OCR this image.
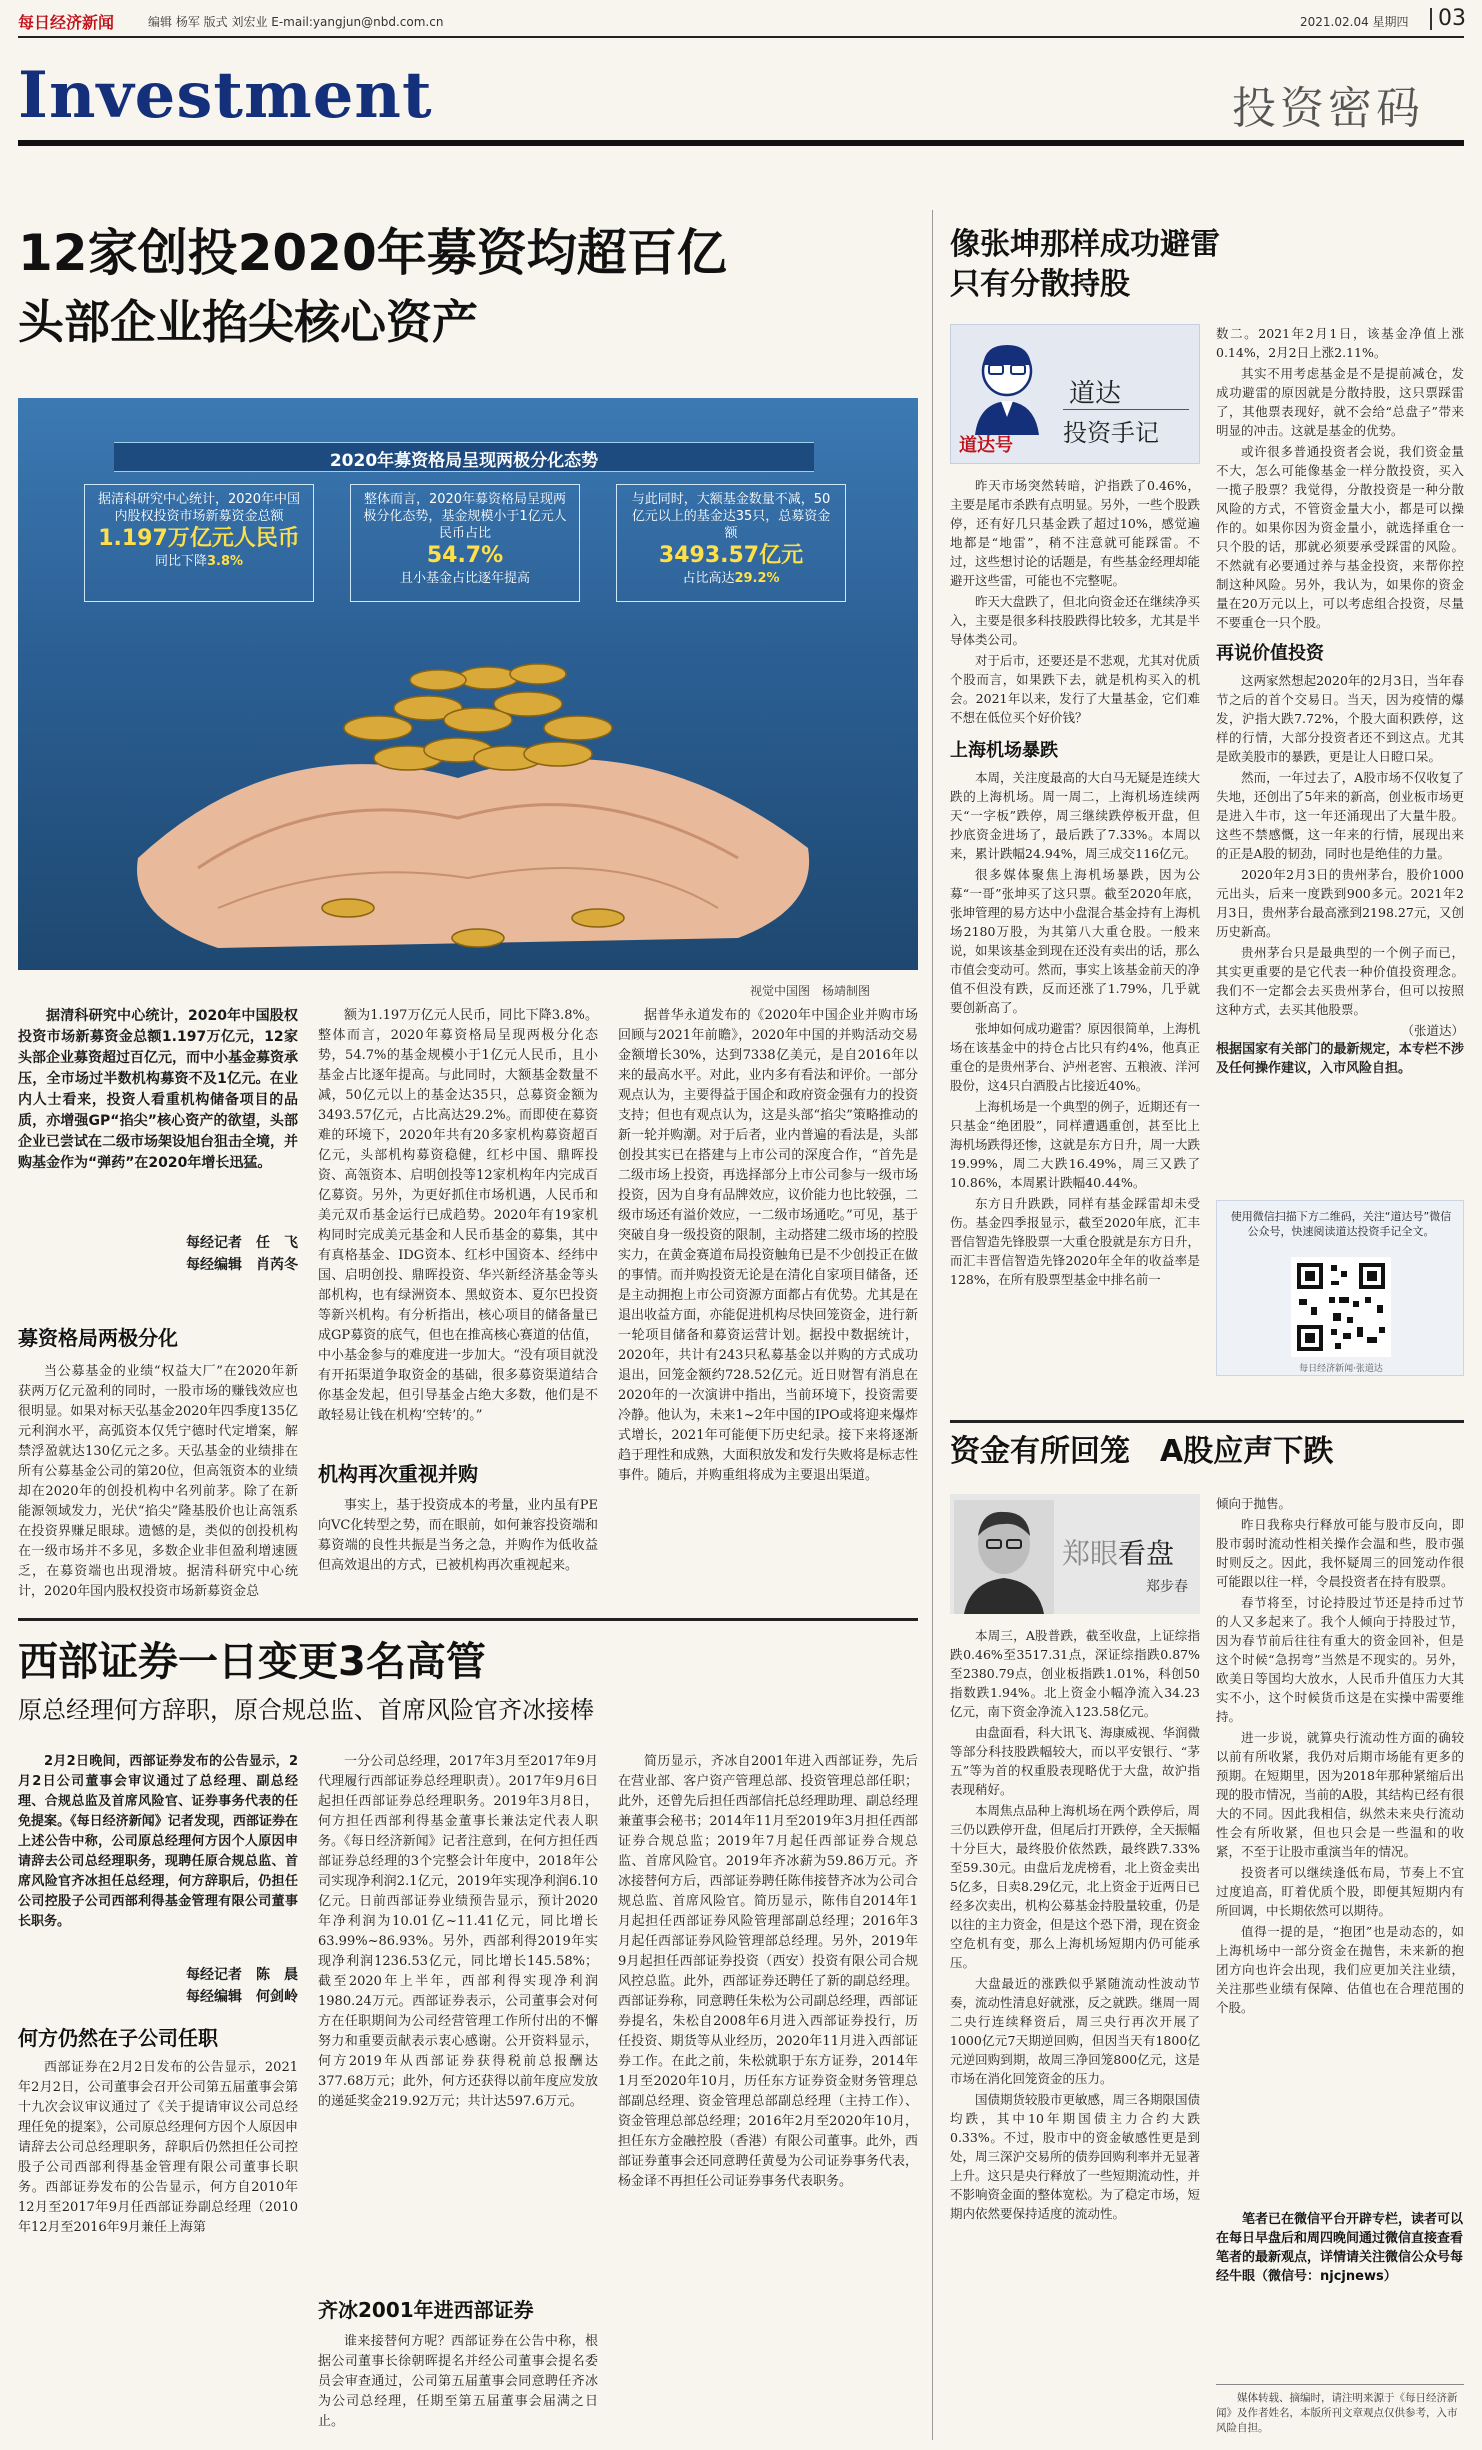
每日经济新闻	编辑 杨军 版式 刘宏业 E-mail:yangjun@nbd.com.cn	2021.02.04 星期四 03
Investment	投资密码
12家创投2020年募资均超百亿
头部企业掐尖核心资产
2020年募资格局呈现两极分化态势
据清科研究中心统计，2020年中国内股权投资市场新募资金总额
1.197万亿元人民币
同比下降3.8%
整体而言，2020年募资格局呈现两极分化态势，基金规模小于1亿元人民币占比
54.7%
且小基金占比逐年提高
与此同时，大额基金数量不减，50亿元以上的基金达35只，总募资金额
3493.57亿元
占比高达29.2%
视觉中国图　杨靖制图
据清科研究中心统计，2020年中国股权投资市场新募资金总额1.197万亿元，12家头部企业募资超过百亿元，而中小基金募资承压，全市场过半数机构募资不及1亿元。在业内人士看来，投资人看重机构储备项目的品质，亦增强GP“掐尖”核心资产的欲望，头部企业已尝试在二级市场架设旭台狙击全境，并购基金作为“弹药”在2020年增长迅猛。
每经记者　任　飞
每经编辑　肖芮冬
募资格局两极分化

当公募基金的业绩“权益大厂”在2020年新获两万亿元盈利的同时，一股市场的赚钱效应也很明显。如果对标天弘基金2020年四季度135亿元利润水平，高弧资本仅凭宁德时代定增案，解禁浮盈就达130亿元之多。天弘基金的业绩排在所有公募基金公司的第20位，但高瓴资本的业绩却在2020年的创投机构中名列前茅。除了在新能源领域发力，光伏“掐尖”隆基股价也让高瓴系在投资界赚足眼球。遗憾的是，类似的创投机构在一级市场并不多见，多数企业非但盈利增速匮乏，在募资端也出现滑坡。据清科研究中心统计，2020年国内股权投资市场新募资金总

额为1.197万亿元人民币，同比下降3.8%。整体而言，2020年募资格局呈现两极分化态势，54.7%的基金规模小于1亿元人民币，且小基金占比逐年提高。与此同时，大额基金数量不减，50亿元以上的基金达35只，总募资金额为3493.57亿元，占比高达29.2%。而即使在募资难的环境下，2020年共有20多家机构募资超百亿元，头部机构募资稳健，红杉中国、鼎晖投资、高瓴资本、启明创投等12家机构年内完成百亿募资。另外，为更好抓住市场机遇，人民币和美元双币基金运行已成趋势。2020年有19家机构同时完成美元基金和人民币基金的募集，其中有真格基金、IDG资本、红杉中国资本、经纬中国、启明创投、鼎晖投资、华兴新经济基金等头部机构，也有绿洲资本、黑蚁资本、夏尔巴投资等新兴机构。有分析指出，核心项目的储备量已成GP募资的底气，但也在推高核心赛道的估值，中小基金参与的难度进一步加大。“没有项目就没有开拓渠道争取资金的基础，很多募资渠道结合你基金发起，但引导基金占绝大多数，他们是不敢轻易让钱在机构‘空转’的。”

机构再次重视并购

事实上，基于投资成本的考量，业内虽有PE向VC化转型之势，而在眼前，如何兼容投资端和募资端的良性共振是当务之急，并购作为低收益但高效退出的方式，已被机构再次重视起来。

据普华永道发布的《2020年中国企业并购市场回顾与2021年前瞻》，2020年中国的并购活动交易金额增长30%，达到7338亿美元，是自2016年以来的最高水平。对此，业内多有看法和评价。一部分观点认为，主要得益于国企和政府资金强有力的投资支持；但也有观点认为，这是头部“掐尖”策略推动的新一轮并购潮。对于后者，业内普遍的看法是，头部创投其实已在搭建与上市公司的深度合作，“首先是二级市场上投资，再选择部分上市公司参与一级市场投资，因为自身有品牌效应，议价能力也比较强，二级市场还有溢价效应，一二级市场通吃。”可见，基于突破自身一级投资的限制，主动搭建二级市场的控股实力，在黄金赛道布局投资触角已是不少创投正在做的事情。而并购投资无论是在清化自家项目储备，还是主动拥抱上市公司资源方面都占有优势。尤其是在退出收益方面，亦能促进机构尽快回笼资金，进行新一轮项目储备和募资运营计划。据投中数据统计，2020年，共计有243只私募基金以并购的方式成功退出，回笼金额约728.52亿元。近日财智有消息在2020年的一次演讲中指出，当前环境下，投资需要冷静。他认为，未来1~2年中国的IPO或将迎来爆炸式增长，2021年可能便下历史纪录。接下来将逐渐趋于理性和成熟，大面积放发和发行失败将是标志性事件。随后，并购重组将成为主要退出渠道。

西部证券一日变更3名高管
原总经理何方辞职，原合规总监、首席风险官齐冰接棒
2月2日晚间，西部证券发布的公告显示，2月2日公司董事会审议通过了总经理、副总经理、合规总监及首席风险官、证券事务代表的任免提案。《每日经济新闻》记者发现，西部证券在上述公告中称，公司原总经理何方因个人原因申请辞去公司总经理职务，现聘任原合规总监、首席风险官齐冰担任总经理，何方辞职后，仍担任公司控股子公司西部利得基金管理有限公司董事长职务。
每经记者　陈　晨
每经编辑　何剑岭
何方仍然在子公司任职

西部证券在2月2日发布的公告显示，2021年2月2日，公司董事会召开公司第五届董事会第十九次会议审议通过了《关于提请审议公司总经理任免的提案》，公司原总经理何方因个人原因申请辞去公司总经理职务，辞职后仍然担任公司控股子公司西部利得基金管理有限公司董事长职务。西部证券发布的公告显示，何方自2010年12月至2017年9月任西部证券副总经理（2010年12月至2016年9月兼任上海第

一分公司总经理，2017年3月至2017年9月代理履行西部证券总经理职责）。2017年9月6日起担任西部证券总经理职务。2019年3月8日，何方担任西部利得基金董事长兼法定代表人职务。《每日经济新闻》记者注意到，在何方担任西部证券总经理的3个完整会计年度中，2018年公司实现净利润2.1亿元，2019年实现净利润6.10亿元。日前西部证券业绩预告显示，预计2020年净利润为10.01亿~11.41亿元，同比增长63.99%~86.93%。另外，西部利得2019年实现净利润1236.53亿元，同比增长145.58%；截至2020年上半年，西部利得实现净利润1980.24万元。西部证券表示，公司董事会对何方在任职期间为公司经营管理工作所付出的不懈努力和重要贡献表示衷心感谢。公开资料显示，何方2019年从西部证券获得税前总报酬达377.68万元；此外，何方还获得以前年度应发放的递延奖金219.92万元；共计达597.6万元。

齐冰2001年进西部证券

谁来接替何方呢？西部证券在公告中称，根据公司董事长徐朝晖提名并经公司董事会提名委员会审查通过，公司第五届董事会同意聘任齐冰为公司总经理，任期至第五届董事会届满之日止。

简历显示，齐冰自2001年进入西部证券，先后在营业部、客户资产管理总部、投资管理总部任职；此外，还曾先后担任西部信托总经理助理、副总经理兼董事会秘书；2014年11月至2019年3月担任西部证券合规总监；2019年7月起任西部证券合规总监、首席风险官。2019年齐冰薪为59.86万元。齐冰接替何方后，西部证券聘任陈伟接替齐冰为公司合规总监、首席风险官。简历显示，陈伟自2014年1月起担任西部证券风险管理部副总经理；2016年3月起任西部证券风险管理部总经理。另外，2019年9月起担任西部证券投资（西安）投资有限公司合规风控总监。此外，西部证券还聘任了新的副总经理。西部证券称，同意聘任朱松为公司副总经理，西部证券提名，朱松自2008年6月进入西部证券投行，历任投资、期货等从业经历，2020年11月进入西部证券工作。在此之前，朱松就职于东方证券，2014年1月至2020年10月，历任东方证券资金财务管理总部副总经理、资金管理总部副总经理（主持工作）、资金管理总部总经理；2016年2月至2020年10月，担任东方金融控股（香港）有限公司董事。此外，西部证券董事会还同意聘任黄曼为公司证券事务代表，杨金译不再担任公司证券事务代表职务。

像张坤那样成功避雷
只有分散持股
道达号
道达
投资手记

昨天市场突然转暗，沪指跌了0.46%，主要是尾市杀跌有点明显。另外，一些个股跌停，还有好几只基金跌了超过10%，感觉遍地都是“地雷”，稍不注意就可能踩雷。不过，这些想讨论的话题是，有些基金经理却能避开这些雷，可能也不完整呢。

昨天大盘跌了，但北向资金还在继续净买入，主要是很多科技股跌得比较多，尤其是半导体类公司。

对于后市，还要还是不悲观，尤其对优质个股而言，如果跌下去，就是机构买入的机会。2021年以来，发行了大量基金，它们难不想在低位买个好价钱？

上海机场暴跌

本周，关注度最高的大白马无疑是连续大跌的上海机场。周一周二，上海机场连续两天“一字板”跌停，周三继续跌停板开盘，但抄底资金进场了，最后跌了7.33%。本周以来，累计跌幅24.94%，周三成交116亿元。

很多媒体聚焦上海机场暴跌，因为公募“一哥”张坤买了这只票。截至2020年底，张坤管理的易方达中小盘混合基金持有上海机场2180万股，为其第八大重仓股。一般来说，如果该基金到现在还没有卖出的话，那么市值会变动可。然而，事实上该基金前天的净值不但没有跌，反而还涨了1.79%，几乎就要创新高了。

张坤如何成功避雷？原因很简单，上海机场在该基金中的持仓占比只有约4%，他真正重仓的是贵州茅台、泸州老窖、五粮液、洋河股份，这4只白酒股占比接近40%。

上海机场是一个典型的例子，近期还有一只基金“绝团股”，同样遭遇重创，甚至比上海机场跌得还惨，这就是东方日升，周一大跌19.99%，周二大跌16.49%，周三又跌了10.86%，本周累计跌幅40.44%。

东方日升跌跌，同样有基金踩雷却未受伤。基金四季报显示，截至2020年底，汇丰晋信智造先锋股票一大重仓股就是东方日升，而汇丰晋信智造先锋2020年全年的收益率是128%，在所有股票型基金中排名前一

数二。2021年2月1日，该基金净值上涨0.14%，2月2日上涨2.11%。

其实不用考虑基金是不是提前减仓，发成功避雷的原因就是分散持股，这只票踩雷了，其他票表现好，就不会给“总盘子”带来明显的冲击。这就是基金的优势。

或许很多普通投资者会说，我们资金量不大，怎么可能像基金一样分散投资，买入一揽子股票？我觉得，分散投资是一种分散风险的方式，不管资金量大小，都是可以操作的。如果你因为资金量小，就选择重仓一只个股的话，那就必须要承受踩雷的风险。不然就有必要通过养与基金投资，来帮你控制这种风险。另外，我认为，如果你的资金量在20万元以上，可以考虑组合投资，尽量不要重仓一只个股。

再说价值投资

这两家然想起2020年的2月3日，当年春节之后的首个交易日。当天，因为疫情的爆发，沪指大跌7.72%，个股大面积跌停，这样的行情，大部分投资者还不到这点。尤其是欧美股市的暴跌，更是让人日瞪口呆。

然而，一年过去了，A股市场不仅收复了失地，还创出了5年来的新高，创业板市场更是进入牛市，这一年还涌现出了大量牛股。这些不禁感慨，这一年来的行情，展现出来的正是A股的韧劲，同时也是绝佳的力量。

2020年2月3日的贵州茅台，股价1000元出头，后来一度跌到900多元。2021年2月3日，贵州茅台最高涨到2198.27元，又创历史新高。

贵州茅台只是最典型的一个例子而已，其实更重要的是它代表一种价值投资理念。我们不一定都会去买贵州茅台，但可以按照这种方式，去买其他股票。

（张道达）
根据国家有关部门的最新规定，本专栏不涉及任何操作建议，入市风险自担。
使用微信扫描下方二维码，关注“道达号”微信公众号，快速阅读道达投资手记全文。
每日经济新闻·张道达
资金有所回笼　A股应声下跌
郑眼看盘
郑步春

本周三，A股普跌，截至收盘，上证综指跌0.46%至3517.31点，深证综指跌0.87%至2380.79点，创业板指跌1.01%，科创50指数跌1.94%。北上资金小幅净流入34.23亿元，南下资金净流入123.58亿元。

由盘面看，科大讯飞、海康威视、华润微等部分科技股跌幅较大，而以平安银行、“茅五”等为首的权重股表现略优于大盘，故沪指表现稍好。

本周焦点品种上海机场在两个跌停后，周三仍以跌停开盘，但尾后打开跌停，全天振幅十分巨大，最终股价依然跌，最终跌7.33%至59.30元。由盘后龙虎榜看，北上资金卖出5亿多，日卖8.29亿元，北上资金于近两日已经多次卖出，机构公募基金持股量较重，仍是以往的主力资金，但是这个恐下滑，现在资金空危机有变，那么上海机场短期内仍可能承压。

大盘最近的涨跌似乎紧随流动性波动节奏，流动性清息好就涨，反之就跌。继周一周二央行连续释资后，周三央行再次开展了1000亿元7天期逆回购，但因当天有1800亿元逆回购到期，故周三净回笼800亿元，这是市场在消化回笼资金的压力。

国债期货较股市更敏感，周三各期限国债均跌，其中10年期国债主力合约大跌0.33%。不过，股市中的资金敏感性更是到处，周三深沪交易所的债券回购利率并无显著上升。这只是央行释放了一些短期流动性，并不影响资金面的整体宽松。为了稳定市场，短期内依然要保持适度的流动性。

倾向于抛售。

昨日我称央行释放可能与股市反向，即股市弱时流动性相关操作会温和些，股市强时则反之。因此，我怀疑周三的回笼动作很可能跟以往一样，令晨投资者在持有股票。

春节将至，讨论持股过节还是持币过节的人又多起来了。我个人倾向于持股过节，因为春节前后往往有重大的资金回补，但是这个时候“急拐弯”当然是不现实的。另外，欧美日等国均大放水，人民币升值压力大其实不小，这个时候货币这是在实操中需要维持。

进一步说，就算央行流动性方面的确较以前有所收紧，我仍对后期市场能有更多的预期。在短期里，因为2018年那种紧缩后出现的股市情况，当前的A股，其结构已经有很大的不同。因此我相信，纵然未来央行流动性会有所收紧，但也只会是一些温和的收紧，不至于让股市重演当年的情况。

投资者可以继续逢低布局，节奏上不宜过度追高，盯着优质个股，即便其短期内有所回调，中长期依然可以期待。

值得一提的是，“抱团”也是动态的，如上海机场中一部分资金在抛售，未来新的抱团方向也许会出现，我们应更加关注业绩，关注那些业绩有保障、估值也在合理范围的个股。

笔者已在微信平台开辟专栏，读者可以在每日早盘后和周四晚间通过微信直接查看笔者的最新观点，详情请关注微信公众号每经牛眼（微信号：njcjnews）
媒体转载、摘编时，请注明来源于《每日经济新闻》及作者姓名，本版所刊文章观点仅供参考，入市风险自担。
